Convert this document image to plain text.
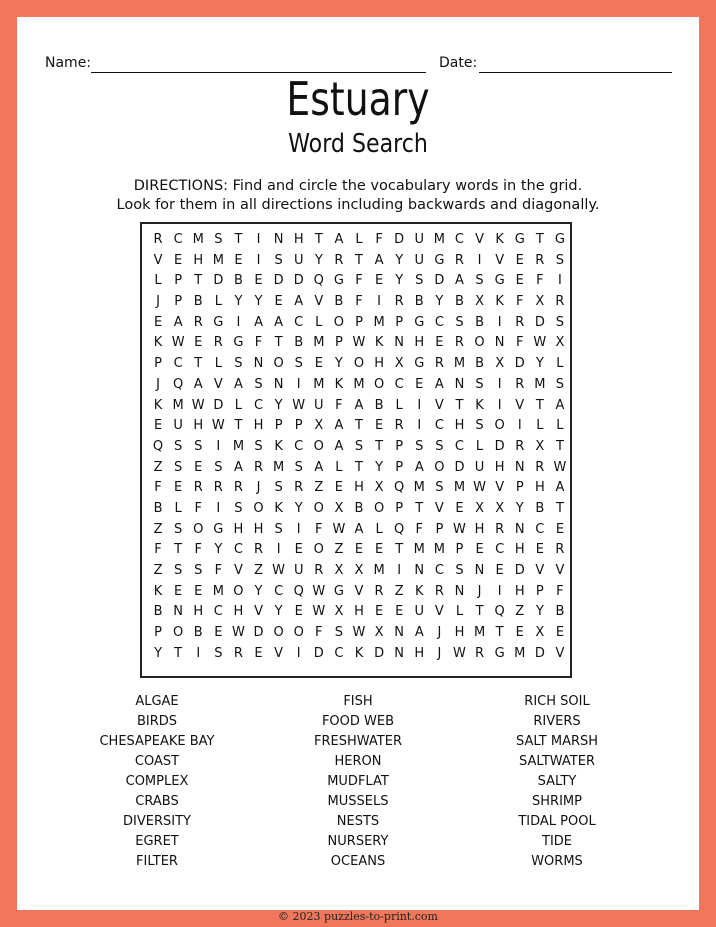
Name:	Date:
Estuary
Word Search
DIRECTIONS: Find and circle the vocabulary words in the grid.
Look for them in all directions including backwards and diagonally.
R C M S T	I	N H T A L F D U M C V K G T G
V E H M E	I	S U Y R T A Y U G R	I	V E R S
L P T D B E D D Q G F E Y S D A S G E F	I
J	P B L Y Y E A V B F	I	R B Y B X K F X R
E A R G	I	A A C L O P M P G C S B	I	R D S
K W E R G F T B M P W K N H E R O N F W X
P C T L S N O S E Y O H X G R M B X D Y L
J	Q A V A S N	I M K M O C E A N S	I	R M S
K M W D L C Y W U F A B L	I	V T K	I	V T A
E U H W T H P P X A T E R	I	C H S O	I	L L
Q S S	I M S K C O A S T P S S C L D R X T
Z S E S A R M S A L T Y P A O D U H N R W
F E R R R	J	S R Z E H X Q M S M W V P H A
B L F	I	S O K Y O X B O P T V E X X Y B T
Z S O G H H S	I	F W A L Q F P W H R N C E
F T F Y C R	I	E O Z E E T M M P E C H E R
Z S S F V Z W U R X X M I	N C S N E D V V
K E E M O Y C Q W G V R Z K R N	J	I	H P F
B N H C H V Y E W X H E E U V L T Q Z Y B
P O B E W D O O F S W X N A	J	H M T E X E
Y T	I	S R E V	I	D C K D N H	J W R G M D V
ALGAE
BIRDS
CHESAPEAKE BAY
COAST
COMPLEX
CRABS
DIVERSITY
EGRET
FILTER
FISH
FOOD WEB
FRESHWATER
HERON
MUDFLAT
MUSSELS
NESTS
NURSERY
OCEANS
RICH SOIL
RIVERS
SALT MARSH
SALTWATER
SALTY
SHRIMP
TIDAL POOL
TIDE
WORMS
© 2023 puzzles-to-print.com
